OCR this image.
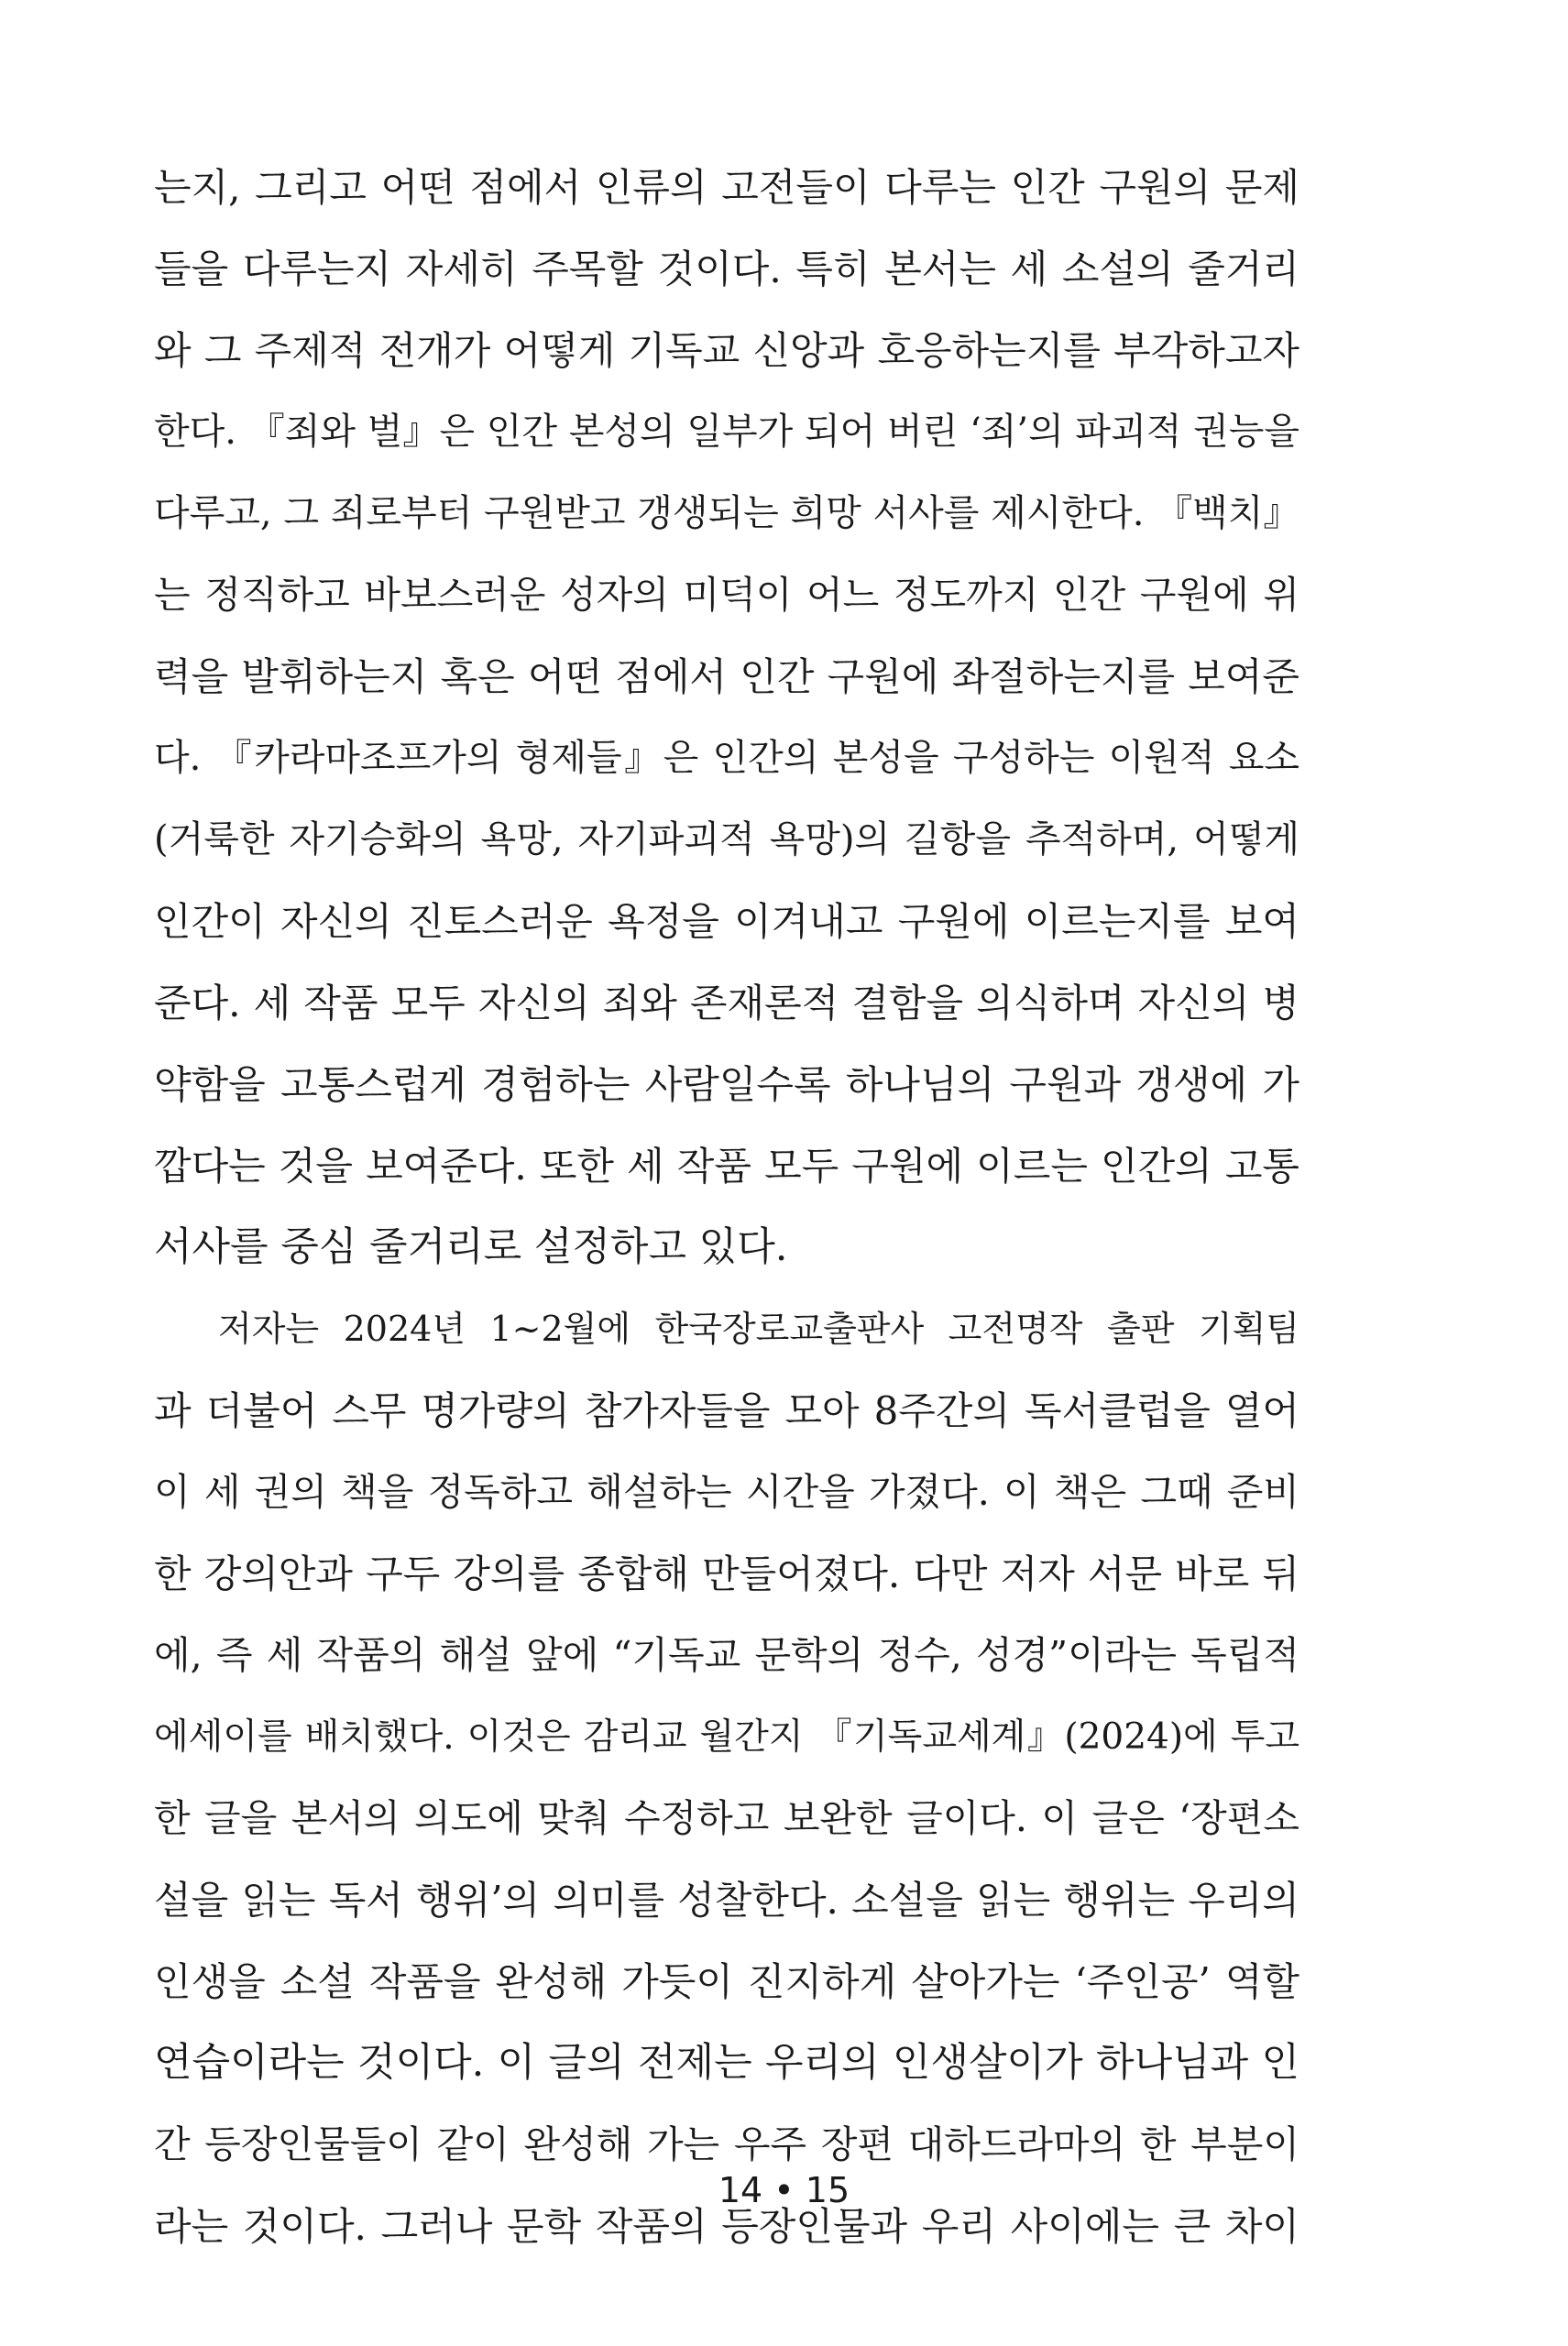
는지, 그리고 어떤 점에서 인류의 고전들이 다루는 인간 구원의 문제
들을 다루는지 자세히 주목할 것이다. 특히 본서는 세 소설의 줄거리
와 그 주제적 전개가 어떻게 기독교 신앙과 호응하는지를 부각하고자
한다. 『죄와 벌』은 인간 본성의 일부가 되어 버린 ‘죄’의 파괴적 권능을
다루고, 그 죄로부터 구원받고 갱생되는 희망 서사를 제시한다. 『백치』
는 정직하고 바보스러운 성자의 미덕이 어느 정도까지 인간 구원에 위
력을 발휘하는지 혹은 어떤 점에서 인간 구원에 좌절하는지를 보여준
다. 『카라마조프가의 형제들』은 인간의 본성을 구성하는 이원적 요소
(거룩한 자기승화의 욕망, 자기파괴적 욕망)의 길항을 추적하며, 어떻게
인간이 자신의 진토스러운 욕정을 이겨내고 구원에 이르는지를 보여
준다. 세 작품 모두 자신의 죄와 존재론적 결함을 의식하며 자신의 병
약함을 고통스럽게 경험하는 사람일수록 하나님의 구원과 갱생에 가
깝다는 것을 보여준다. 또한 세 작품 모두 구원에 이르는 인간의 고통
서사를 중심 줄거리로 설정하고 있다.
저자는 2024년 1~2월에 한국장로교출판사 고전명작 출판 기획팀
과 더불어 스무 명가량의 참가자들을 모아 8주간의 독서클럽을 열어
이 세 권의 책을 정독하고 해설하는 시간을 가졌다. 이 책은 그때 준비
한 강의안과 구두 강의를 종합해 만들어졌다. 다만 저자 서문 바로 뒤
에, 즉 세 작품의 해설 앞에 “기독교 문학의 정수, 성경”이라는 독립적
에세이를 배치했다. 이것은 감리교 월간지 『기독교세계』(2024)에 투고
한 글을 본서의 의도에 맞춰 수정하고 보완한 글이다. 이 글은 ‘장편소
설을 읽는 독서 행위’의 의미를 성찰한다. 소설을 읽는 행위는 우리의
인생을 소설 작품을 완성해 가듯이 진지하게 살아가는 ‘주인공’ 역할
연습이라는 것이다. 이 글의 전제는 우리의 인생살이가 하나님과 인
간 등장인물들이 같이 완성해 가는 우주 장편 대하드라마의 한 부분이
라는 것이다. 그러나 문학 작품의 등장인물과 우리 사이에는 큰 차이
14 • 15
